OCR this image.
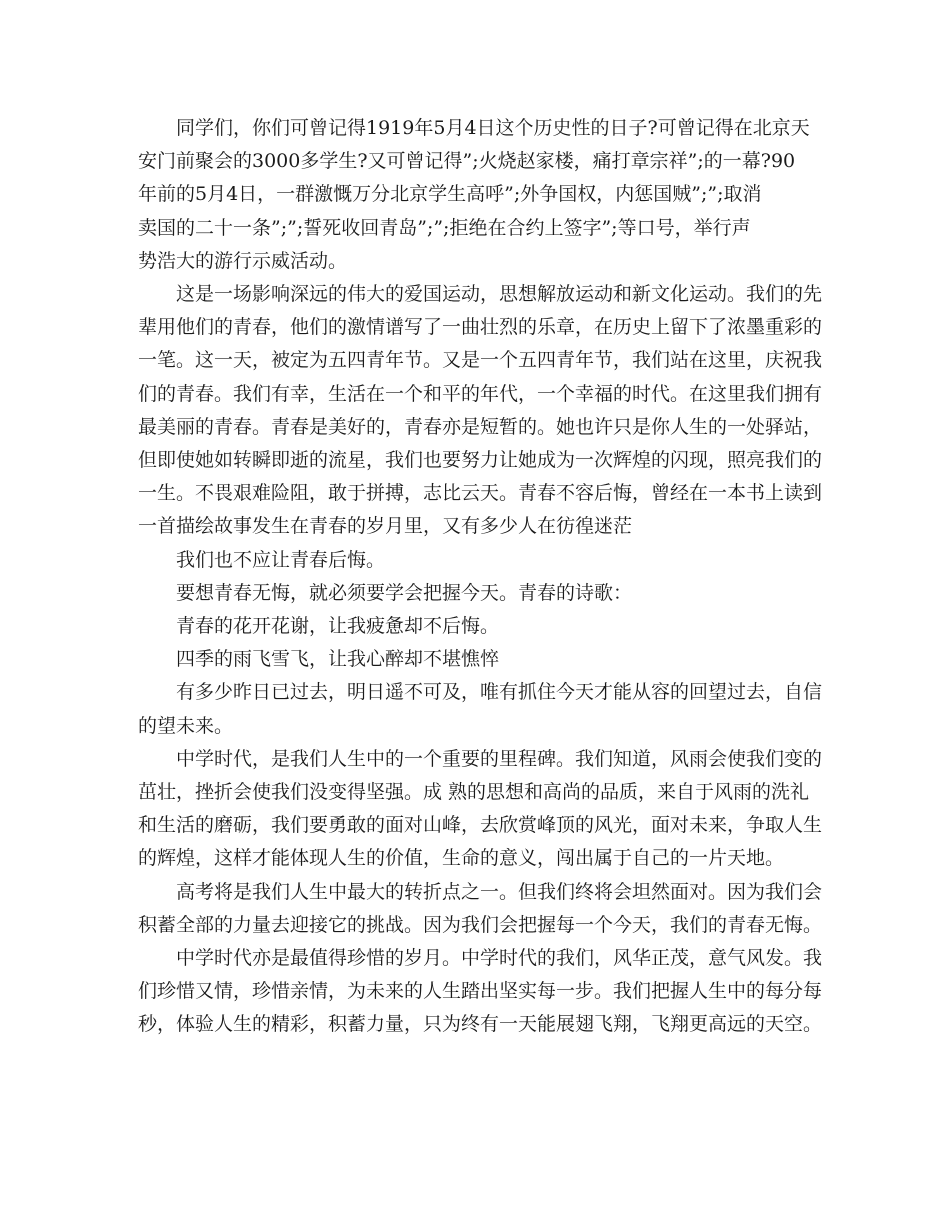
同学们，你们可曾记得1919年5月4日这个历史性的日子?可曾记得在北京天
安门前聚会的3000多学生?又可曾记得”;火烧赵家楼，痛打章宗祥”;的一幕?90
年前的5月4日，一群激慨万分北京学生高呼”;外争国权，内惩国贼”;”;取消
卖国的二十一条”;”;誓死收回青岛”;”;拒绝在合约上签字”;等口号，举行声
势浩大的游行示威活动。
这是一场影响深远的伟大的爱国运动，思想解放运动和新文化运动。我们的先
辈用他们的青春，他们的激情谱写了一曲壮烈的乐章，在历史上留下了浓墨重彩的
一笔。这一天，被定为五四青年节。又是一个五四青年节，我们站在这里，庆祝我
们的青春。我们有幸，生活在一个和平的年代，一个幸福的时代。在这里我们拥有
最美丽的青春。青春是美好的，青春亦是短暂的。她也许只是你人生的一处驿站，
但即使她如转瞬即逝的流星，我们也要努力让她成为一次辉煌的闪现，照亮我们的
一生。不畏艰难险阻，敢于拼搏，志比云天。青春不容后悔，曾经在一本书上读到
一首描绘故事发生在青春的岁月里，又有多少人在彷徨迷茫
我们也不应让青春后悔。
要想青春无悔，就必须要学会把握今天。青春的诗歌：
青春的花开花谢，让我疲惫却不后悔。
四季的雨飞雪飞，让我心醉却不堪憔悴
有多少昨日已过去，明日遥不可及，唯有抓住今天才能从容的回望过去，自信
的望未来。
中学时代，是我们人生中的一个重要的里程碑。我们知道，风雨会使我们变的
茁壮，挫折会使我们没变得坚强。成 熟的思想和高尚的品质，来自于风雨的洗礼
和生活的磨砺，我们要勇敢的面对山峰，去欣赏峰顶的风光，面对未来，争取人生
的辉煌，这样才能体现人生的价值，生命的意义，闯出属于自己的一片天地。
高考将是我们人生中最大的转折点之一。但我们终将会坦然面对。因为我们会
积蓄全部的力量去迎接它的挑战。因为我们会把握每一个今天，我们的青春无悔。
中学时代亦是最值得珍惜的岁月。中学时代的我们，风华正茂，意气风发。我
们珍惜又情，珍惜亲情，为未来的人生踏出坚实每一步。我们把握人生中的每分每
秒，体验人生的精彩，积蓄力量，只为终有一天能展翅飞翔，飞翔更高远的天空。
